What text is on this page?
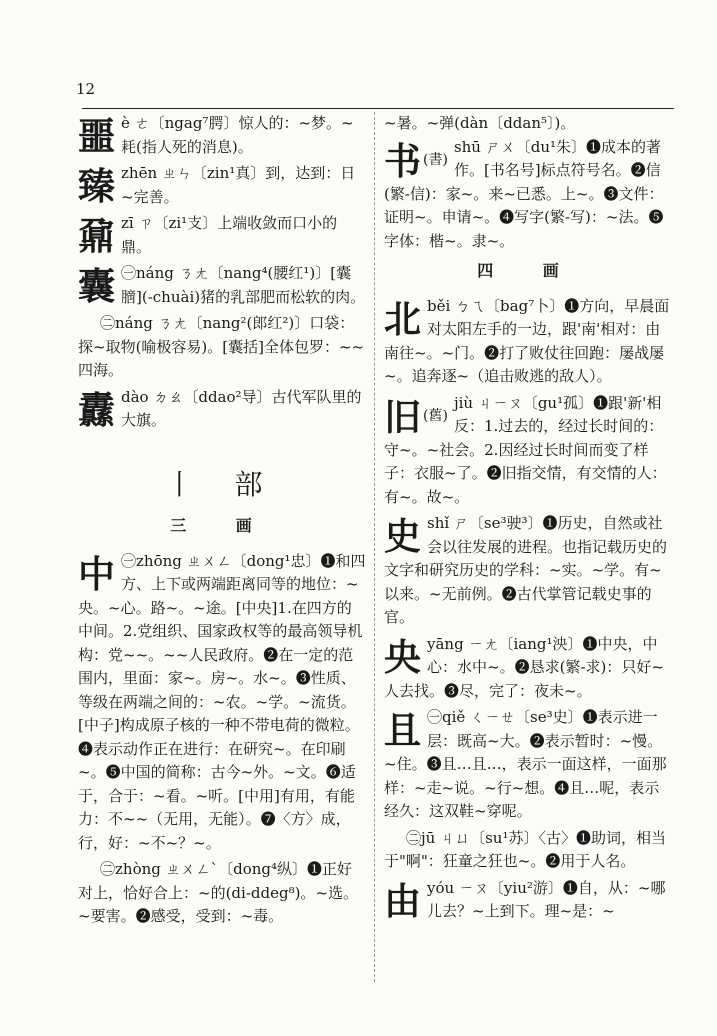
12
噩 è ㄜ〔ngag⁷腭〕惊人的：~梦。~耗(指人死的消息)。
臻 zhēn ㄓㄣ〔zin¹真〕到，达到：日~完善。
鼐 zī ㄗ〔zi¹支〕上端收敛而口小的鼎。
囊 ㊀náng ㄋㄤ〔nang⁴(腰红¹)〕[囊膪](-chuài)猪的乳部肥而松软的肉。
㊁náng ㄋㄤ〔nang²(郎红²)〕口袋：探~取物(喻极容易)。[囊括]全体包罗：~~四海。
纛 dào ㄉㄠ〔ddao²导〕古代军队里的大旗。
丨 部
三 画
中 ㊀zhōng ㄓㄨㄥ〔dong¹忠〕❶和四方、上下或两端距离同等的地位：~央。~心。路~。~途。[中央]1.在四方的中间。2.党组织、国家政权等的最高领导机构：党~~。~~人民政府。❷在一定的范围内，里面：家~。房~。水~。❸性质、等级在两端之间的：~农。~学。~流货。[中子]构成原子核的一种不带电荷的微粒。❹表示动作正在进行：在研究~。在印刷~。❺中国的简称：古今~外。~文。❻适于，合于：~看。~听。[中用]有用，有能力：不~~（无用，无能）。❼〈方〉成，行，好：~不~？~。
㊁zhòng ㄓㄨㄥˋ〔dong⁴纵〕❶正好对上，恰好合上：~的(di-ddeg⁸)。~选。~要害。❷感受，受到：~毒。
~暑。~弹(dàn〔ddan⁵〕)。
书 $^{(書)}$
shū ㄕㄨ〔du¹朱〕❶成本的著作。[书名号]标点符号名。❷信(繁-信)：家~。来~已悉。上~。❸文件：证明~。申请~。❹写字(繁-写)：~法。❺字体：楷~。隶~。
四 画
北 běi ㄅㄟ〔bag⁷卜〕❶方向，早晨面对太阳左手的一边，跟'南'相对：由南往~。~门。❷打了败仗往回跑：屡战屡~。追奔逐~（追击败逃的敌人）。
旧 $^{(舊)}$
jiù ㄐㄧㄡ〔gu¹孤〕❶跟'新'相反：1.过去的，经过长时间的：守~。~社会。2.因经过长时间而变了样子：衣服~了。❷旧指交情，有交情的人：有~。故~。
史 shǐ ㄕ〔se³驶³〕❶历史，自然或社会以往发展的进程。也指记载历史的文字和研究历史的学科：~实。~学。有~以来。~无前例。❷古代掌管记载史事的官。
央 yāng ㄧㄤ〔iang¹泱〕❶中央，中心：水中~。❷恳求(繁-求)：只好~人去找。❸尽，完了：夜未~。
且 ㊀qiě ㄑㄧㄝ〔se³史〕❶表示进一层：既高~大。❷表示暂时：~慢。~住。❸且…且…，表示一面这样，一面那样：~走~说。~行~想。❹且…呢，表示经久：这双鞋~穿呢。
㊁jū ㄐㄩ〔su¹苏〕〈古〉❶助词，相当于"啊"：狂童之狂也~。❷用于人名。
由 yóu ㄧㄡ〔yiu²游〕❶自，从：~哪儿去？~上到下。理~是：~
